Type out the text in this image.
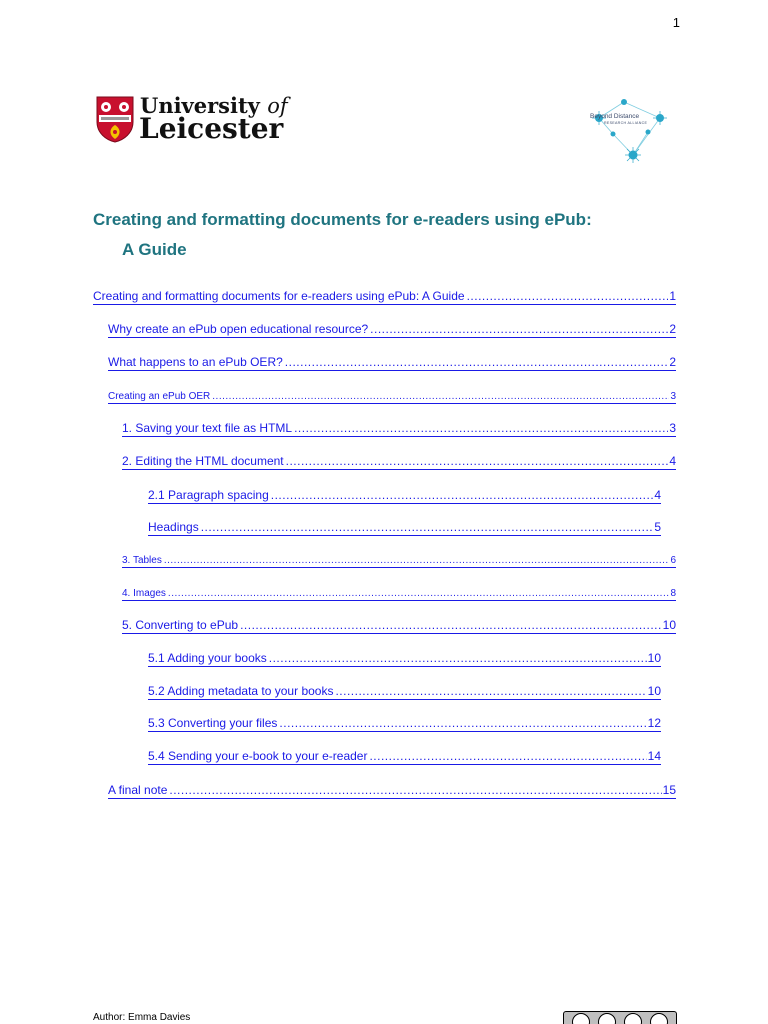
1
University of
Leicester	Beyond Distance
RESEARCH ALLIANCE
Creating and formatting documents for e-readers using ePub:
A Guide
Creating and formatting documents for e-readers using ePub: A Guide .....	1
Why create an ePub open educational resource? .....	2
What happens to an ePub OER? .....	2
Creating an ePub OER .....	3
1. Saving your text file as HTML .....	3
2. Editing the HTML document .....	4
2.1 Paragraph spacing .....	4
Headings .....	5
3. Tables .....	6
4. Images .....	8
5. Converting to ePub .....	10
5.1 Adding your books .....	10
5.2 Adding metadata to your books .....	10
5.3 Converting your files .....	12
5.4 Sending your e-book to your e-reader .....	14
A final note .....	15
Author: Emma Davies
